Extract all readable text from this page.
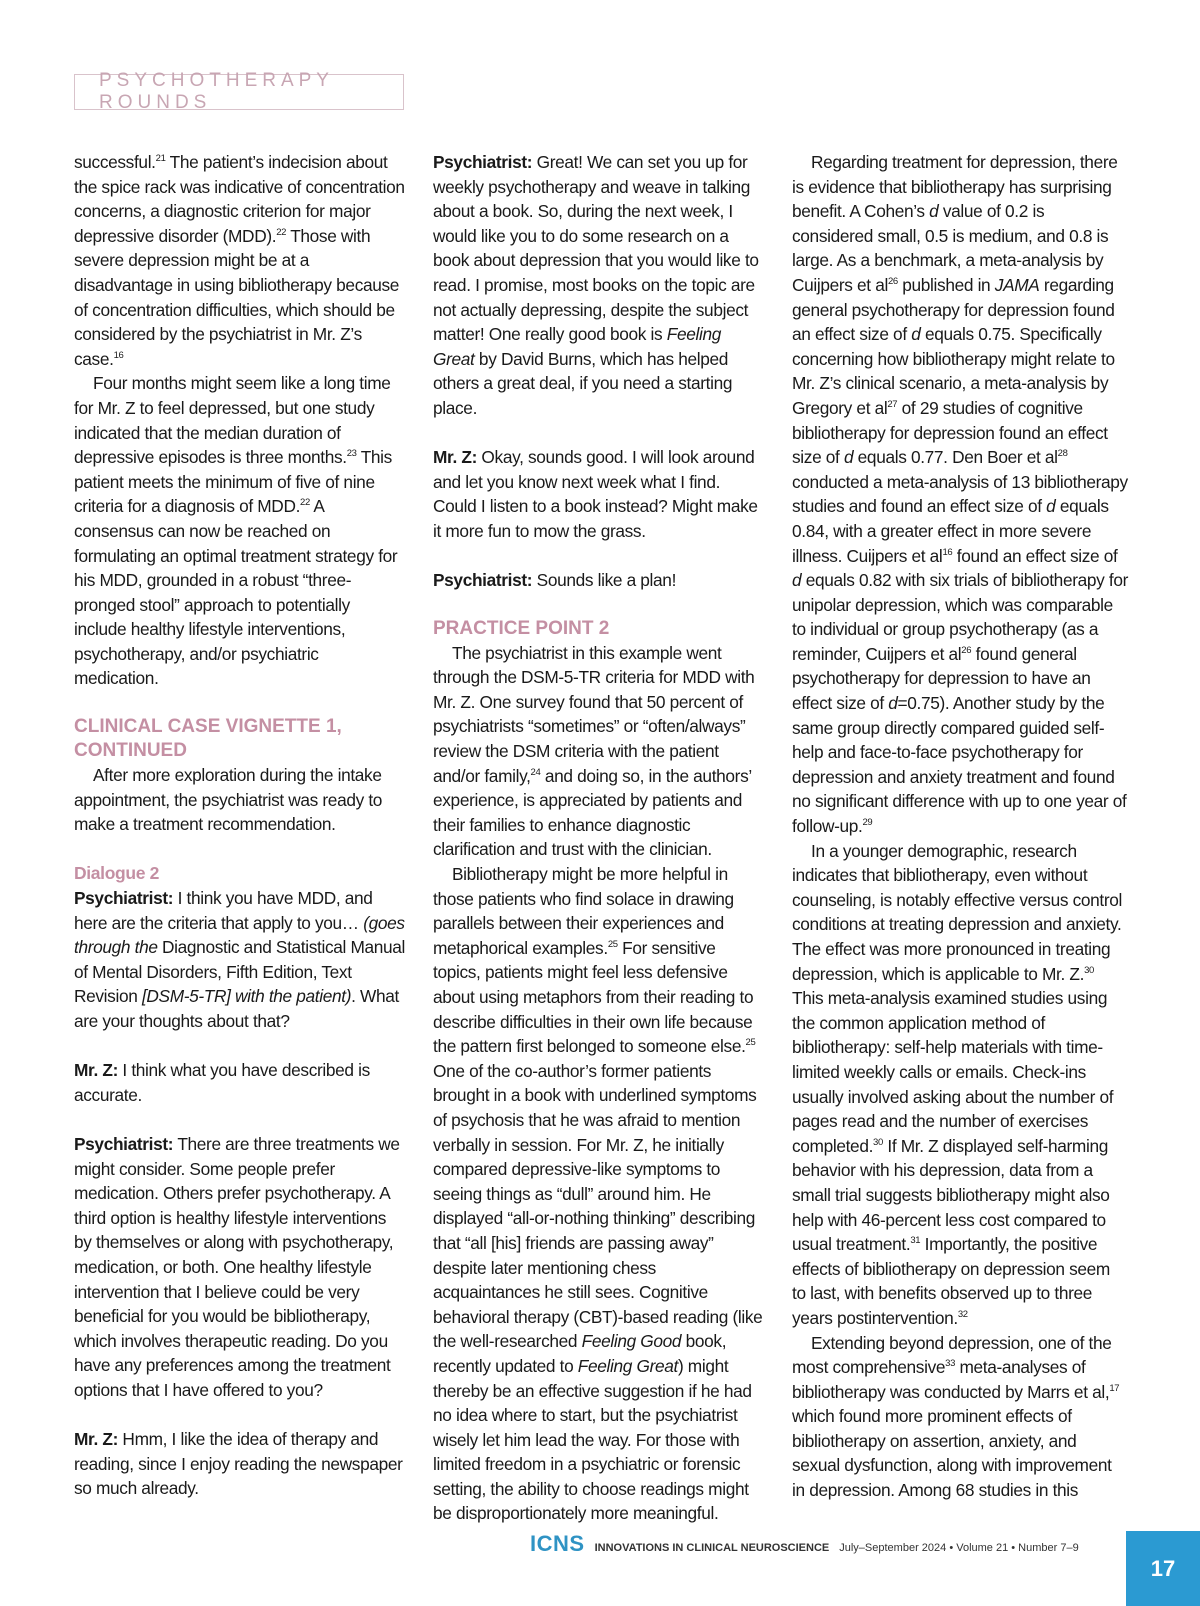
PSYCHOTHERAPY ROUNDS

successful.$^{21}$ The patient’s indecision about the spice rack was indicative of concentration concerns, a diagnostic criterion for major depressive disorder (MDD).$^{22}$ Those with severe depression might be at a disadvantage in using bibliotherapy because of concentration difficulties, which should be considered by the psychiatrist in Mr. Z’s case.$^{16}$

Four months might seem like a long time for Mr. Z to feel depressed, but one study indicated that the median duration of depressive episodes is three months.$^{23}$ This patient meets the minimum of five of nine criteria for a diagnosis of MDD.$^{22}$ A consensus can now be reached on formulating an optimal treatment strategy for his MDD, grounded in a robust “three-pronged stool” approach to potentially include healthy lifestyle interventions, psychotherapy, and/or psychiatric medication.

CLINICAL CASE VIGNETTE 1, CONTINUED

After more exploration during the intake appointment, the psychiatrist was ready to make a treatment recommendation.

Dialogue 2

Psychiatrist: I think you have MDD, and here are the criteria that apply to you… (goes through the Diagnostic and Statistical Manual of Mental Disorders, Fifth Edition, Text Revision [DSM-5-TR] with the patient). What are your thoughts about that?

Mr. Z: I think what you have described is accurate.

Psychiatrist: There are three treatments we might consider. Some people prefer medication. Others prefer psychotherapy. A third option is healthy lifestyle interventions by themselves or along with psychotherapy, medication, or both. One healthy lifestyle intervention that I believe could be very beneficial for you would be bibliotherapy, which involves therapeutic reading. Do you have any preferences among the treatment options that I have offered to you?

Mr. Z: Hmm, I like the idea of therapy and reading, since I enjoy reading the newspaper so much already.

Psychiatrist: Great! We can set you up for weekly psychotherapy and weave in talking about a book. So, during the next week, I would like you to do some research on a book about depression that you would like to read. I promise, most books on the topic are not actually depressing, despite the subject matter! One really good book is Feeling Great by David Burns, which has helped others a great deal, if you need a starting place.

Mr. Z: Okay, sounds good. I will look around and let you know next week what I find. Could I listen to a book instead? Might make it more fun to mow the grass.

Psychiatrist: Sounds like a plan!

PRACTICE POINT 2

The psychiatrist in this example went through the DSM-5-TR criteria for MDD with Mr. Z. One survey found that 50 percent of psychiatrists “sometimes” or “often/always” review the DSM criteria with the patient and/or family,$^{24}$ and doing so, in the authors’ experience, is appreciated by patients and their families to enhance diagnostic clarification and trust with the clinician.

Bibliotherapy might be more helpful in those patients who find solace in drawing parallels between their experiences and metaphorical examples.$^{25}$ For sensitive topics, patients might feel less defensive about using metaphors from their reading to describe difficulties in their own life because the pattern first belonged to someone else.$^{25}$ One of the co-author’s former patients brought in a book with underlined symptoms of psychosis that he was afraid to mention verbally in session. For Mr. Z, he initially compared depressive-like symptoms to seeing things as “dull” around him. He displayed “all-or-nothing thinking” describing that “all [his] friends are passing away” despite later mentioning chess acquaintances he still sees. Cognitive behavioral therapy (CBT)-based reading (like the well-researched Feeling Good book, recently updated to Feeling Great) might thereby be an effective suggestion if he had no idea where to start, but the psychiatrist wisely let him lead the way. For those with limited freedom in a psychiatric or forensic setting, the ability to choose readings might be disproportionately more meaningful.

Regarding treatment for depression, there is evidence that bibliotherapy has surprising benefit. A Cohen’s d value of 0.2 is considered small, 0.5 is medium, and 0.8 is large. As a benchmark, a meta-analysis by Cuijpers et $al^{26}$ published in JAMA regarding general psychotherapy for depression found an effect size of d equals 0.75. Specifically concerning how bibliotherapy might relate to Mr. Z’s clinical scenario, a meta-analysis by Gregory et $al^{27}$ of 29 studies of cognitive bibliotherapy for depression found an effect size of d equals 0.77. Den Boer et $al^{28}$ conducted a meta-analysis of 13 bibliotherapy studies and found an effect size of d equals 0.84, with a greater effect in more severe illness. Cuijpers et $al^{16}$ found an effect size of d equals 0.82 with six trials of bibliotherapy for unipolar depression, which was comparable to individual or group psychotherapy (as a reminder, Cuijpers et $al^{26}$ found general psychotherapy for depression to have an effect size of d=0.75). Another study by the same group directly compared guided self-help and face-to-face psychotherapy for depression and anxiety treatment and found no significant difference with up to one year of follow-up.$^{29}$

In a younger demographic, research indicates that bibliotherapy, even without counseling, is notably effective versus control conditions at treating depression and anxiety. The effect was more pronounced in treating depression, which is applicable to Mr. Z.$^{30}$ This meta-analysis examined studies using the common application method of bibliotherapy: self-help materials with time-limited weekly calls or emails. Check-ins usually involved asking about the number of pages read and the number of exercises completed.$^{30}$ If Mr. Z displayed self-harming behavior with his depression, data from a small trial suggests bibliotherapy might also help with 46-percent less cost compared to usual treatment.$^{31}$ Importantly, the positive effects of bibliotherapy on depression seem to last, with benefits observed up to three years postintervention.$^{32}$

Extending beyond depression, one of the most comprehensive$^{33}$ meta-analyses of bibliotherapy was conducted by Marrs et al,$^{17}$ which found more prominent effects of bibliotherapy on assertion, anxiety, and sexual dysfunction, along with improvement in depression. Among 68 studies in this

ICNS INNOVATIONS IN CLINICAL NEUROSCIENCE July–September 2024 • Volume 21 • Number 7–9
17
